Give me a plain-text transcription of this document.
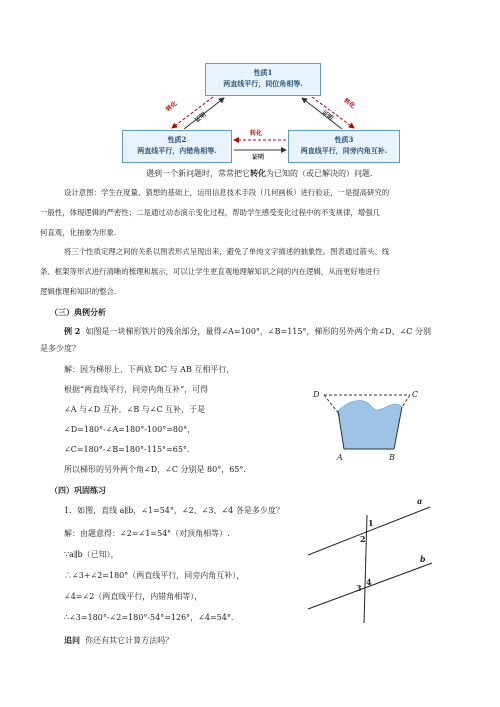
性质1
两直线平行，同位角相等.
性质2
两直线平行，内错角相等.
性质3
两直线平行，同旁内角互补.
转化
证明
转化
证明
转化
证明
遇到一个新问题时，常常把它转化为已知的（或已解决的）问题.
设计意图：学生在度量、猜想的基础上，运用信息技术手段（几何画板）进行验证，一是提高研究的
一般性，体现逻辑的严密性；二是通过动态演示变化过程，帮助学生感受变化过程中的不变规律，增强几
何直观，化抽象为形象.
将三个性质定理之间的关系以图表形式呈现出来，避免了单纯文字描述的抽象性。图表通过箭头、线
条、框架等形式进行清晰的梳理和展示，可以让学生更直观地理解知识之间的内在逻辑，从而更好地进行
逻辑推理和知识的整合.
（三）典例分析
例 2 如图是一块梯形铁片的残余部分，量得∠A=100°，∠B=115°，梯形的另外两个角∠D、∠C 分别
是多少度？
解：因为梯形上、下两底 DC 与 AB 互相平行，
根据“两直线平行，同旁内角互补”，可得
∠A 与∠D 互补，∠B 与∠C 互补，于是
∠D=180°-∠A=180°-100°=80°，
∠C=180°-∠B=180°-115°=65°.
所以梯形的另外两个角∠D，∠C 分别是 80°，65°.
D	C
A	B
（四）巩固练习
1．如图，直线 a∥b，∠1=54°，∠2、∠3、∠4 各是多少度？
解：由题意得：∠2=∠1=54°（对顶角相等）.
∵a∥b（已知），
∴∠3+∠2=180°（两直线平行，同旁内角互补），
∠4=∠2（两直线平行，内错角相等），
∴∠3=180°-∠2=180°-54°=126°，∠4=54°.
追问 你还有其它计算方法吗？
a
b
1
2
3
4
